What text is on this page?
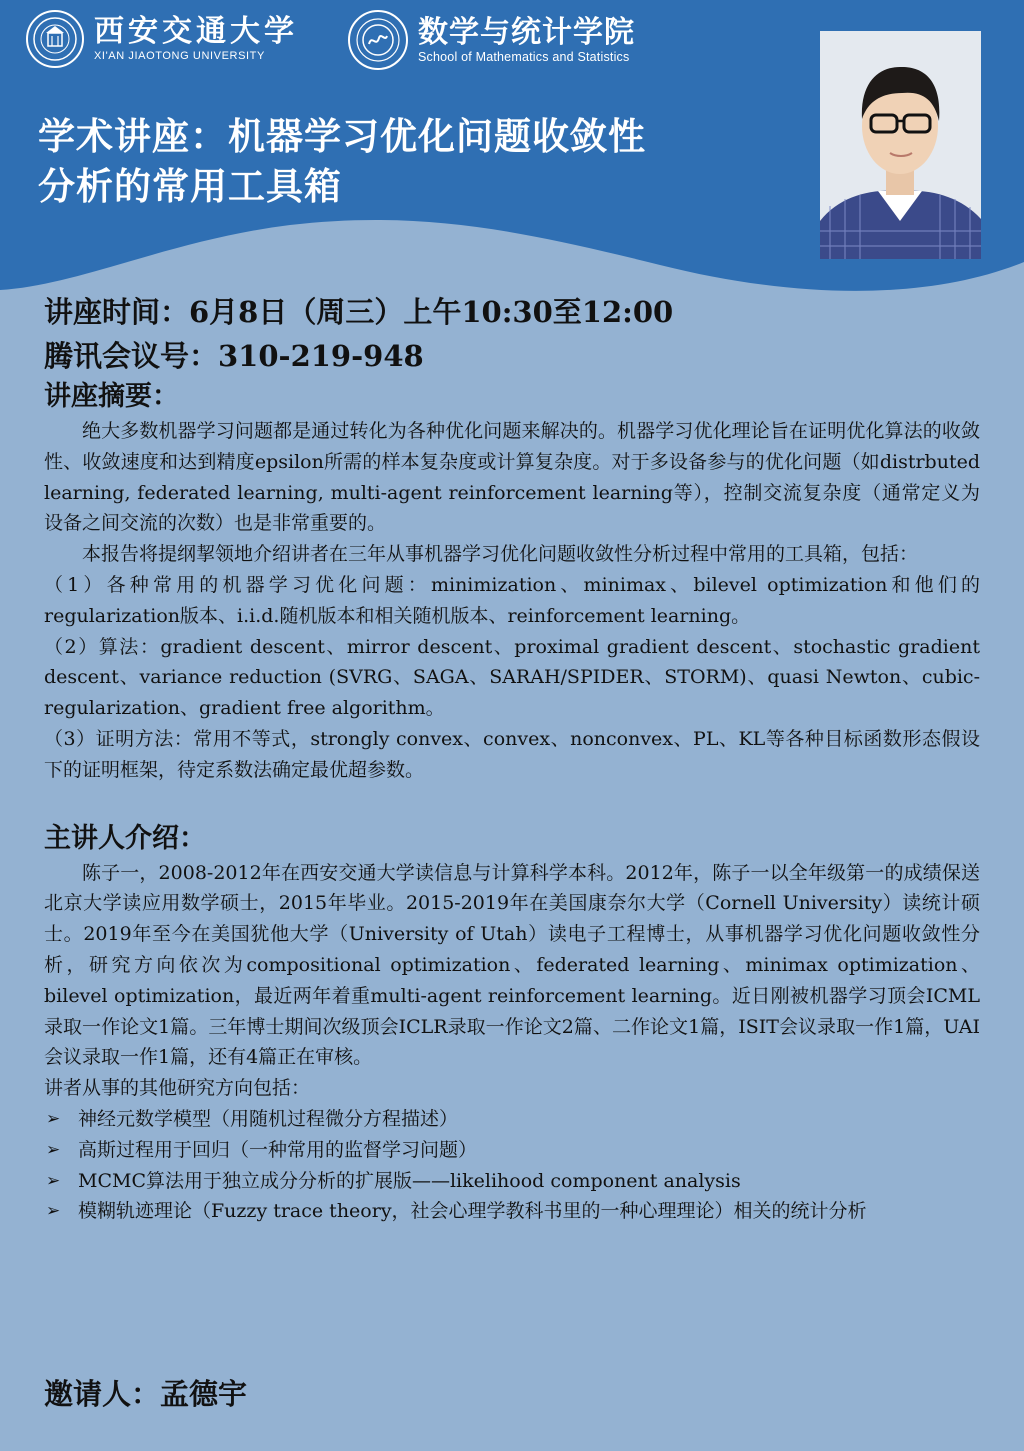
西安交通大学
XI'AN JIAOTONG UNIVERSITY
数学与统计学院
School of Mathematics and Statistics
学术讲座：机器学习优化问题收敛性
分析的常用工具箱

讲座时间：6月8日（周三）上午10:30至12:00

腾讯会议号：310-219-948

讲座摘要：

绝大多数机器学习问题都是通过转化为各种优化问题来解决的。机器学习优化理论旨在证明优化算法的收敛性、收敛速度和达到精度epsilon所需的样本复杂度或计算复杂度。对于多设备参与的优化问题（如distrbuted learning, federated learning, multi-agent reinforcement learning等），控制交流复杂度（通常定义为设备之间交流的次数）也是非常重要的。

本报告将提纲挈领地介绍讲者在三年从事机器学习优化问题收敛性分析过程中常用的工具箱，包括：

（1）各种常用的机器学习优化问题：minimization、minimax、bilevel optimization和他们的regularization版本、i.i.d.随机版本和相关随机版本、reinforcement learning。

（2）算法：gradient descent、mirror descent、proximal gradient descent、stochastic gradient descent、variance reduction (SVRG、SAGA、SARAH/SPIDER、STORM)、quasi Newton、cubic-regularization、gradient free algorithm。

（3）证明方法：常用不等式，strongly convex、convex、nonconvex、PL、KL等各种目标函数形态假设下的证明框架，待定系数法确定最优超参数。

主讲人介绍：

陈子一，2008-2012年在西安交通大学读信息与计算科学本科。2012年，陈子一以全年级第一的成绩保送北京大学读应用数学硕士，2015年毕业。2015-2019年在美国康奈尔大学（Cornell University）读统计硕士。2019年至今在美国犹他大学（University of Utah）读电子工程博士，从事机器学习优化问题收敛性分析，研究方向依次为compositional optimization、federated learning、minimax optimization、bilevel optimization，最近两年着重multi-agent reinforcement learning。近日刚被机器学习顶会ICML录取一作论文1篇。三年博士期间次级顶会ICLR录取一作论文2篇、二作论文1篇，ISIT会议录取一作1篇，UAI会议录取一作1篇，还有4篇正在审核。

讲者从事的其他研究方向包括：

➢ 神经元数学模型（用随机过程微分方程描述）
➢ 高斯过程用于回归（一种常用的监督学习问题）
➢ MCMC算法用于独立成分分析的扩展版——likelihood component analysis
➢ 模糊轨迹理论（Fuzzy trace theory，社会心理学教科书里的一种心理理论）相关的统计分析
邀请人：孟德宇
